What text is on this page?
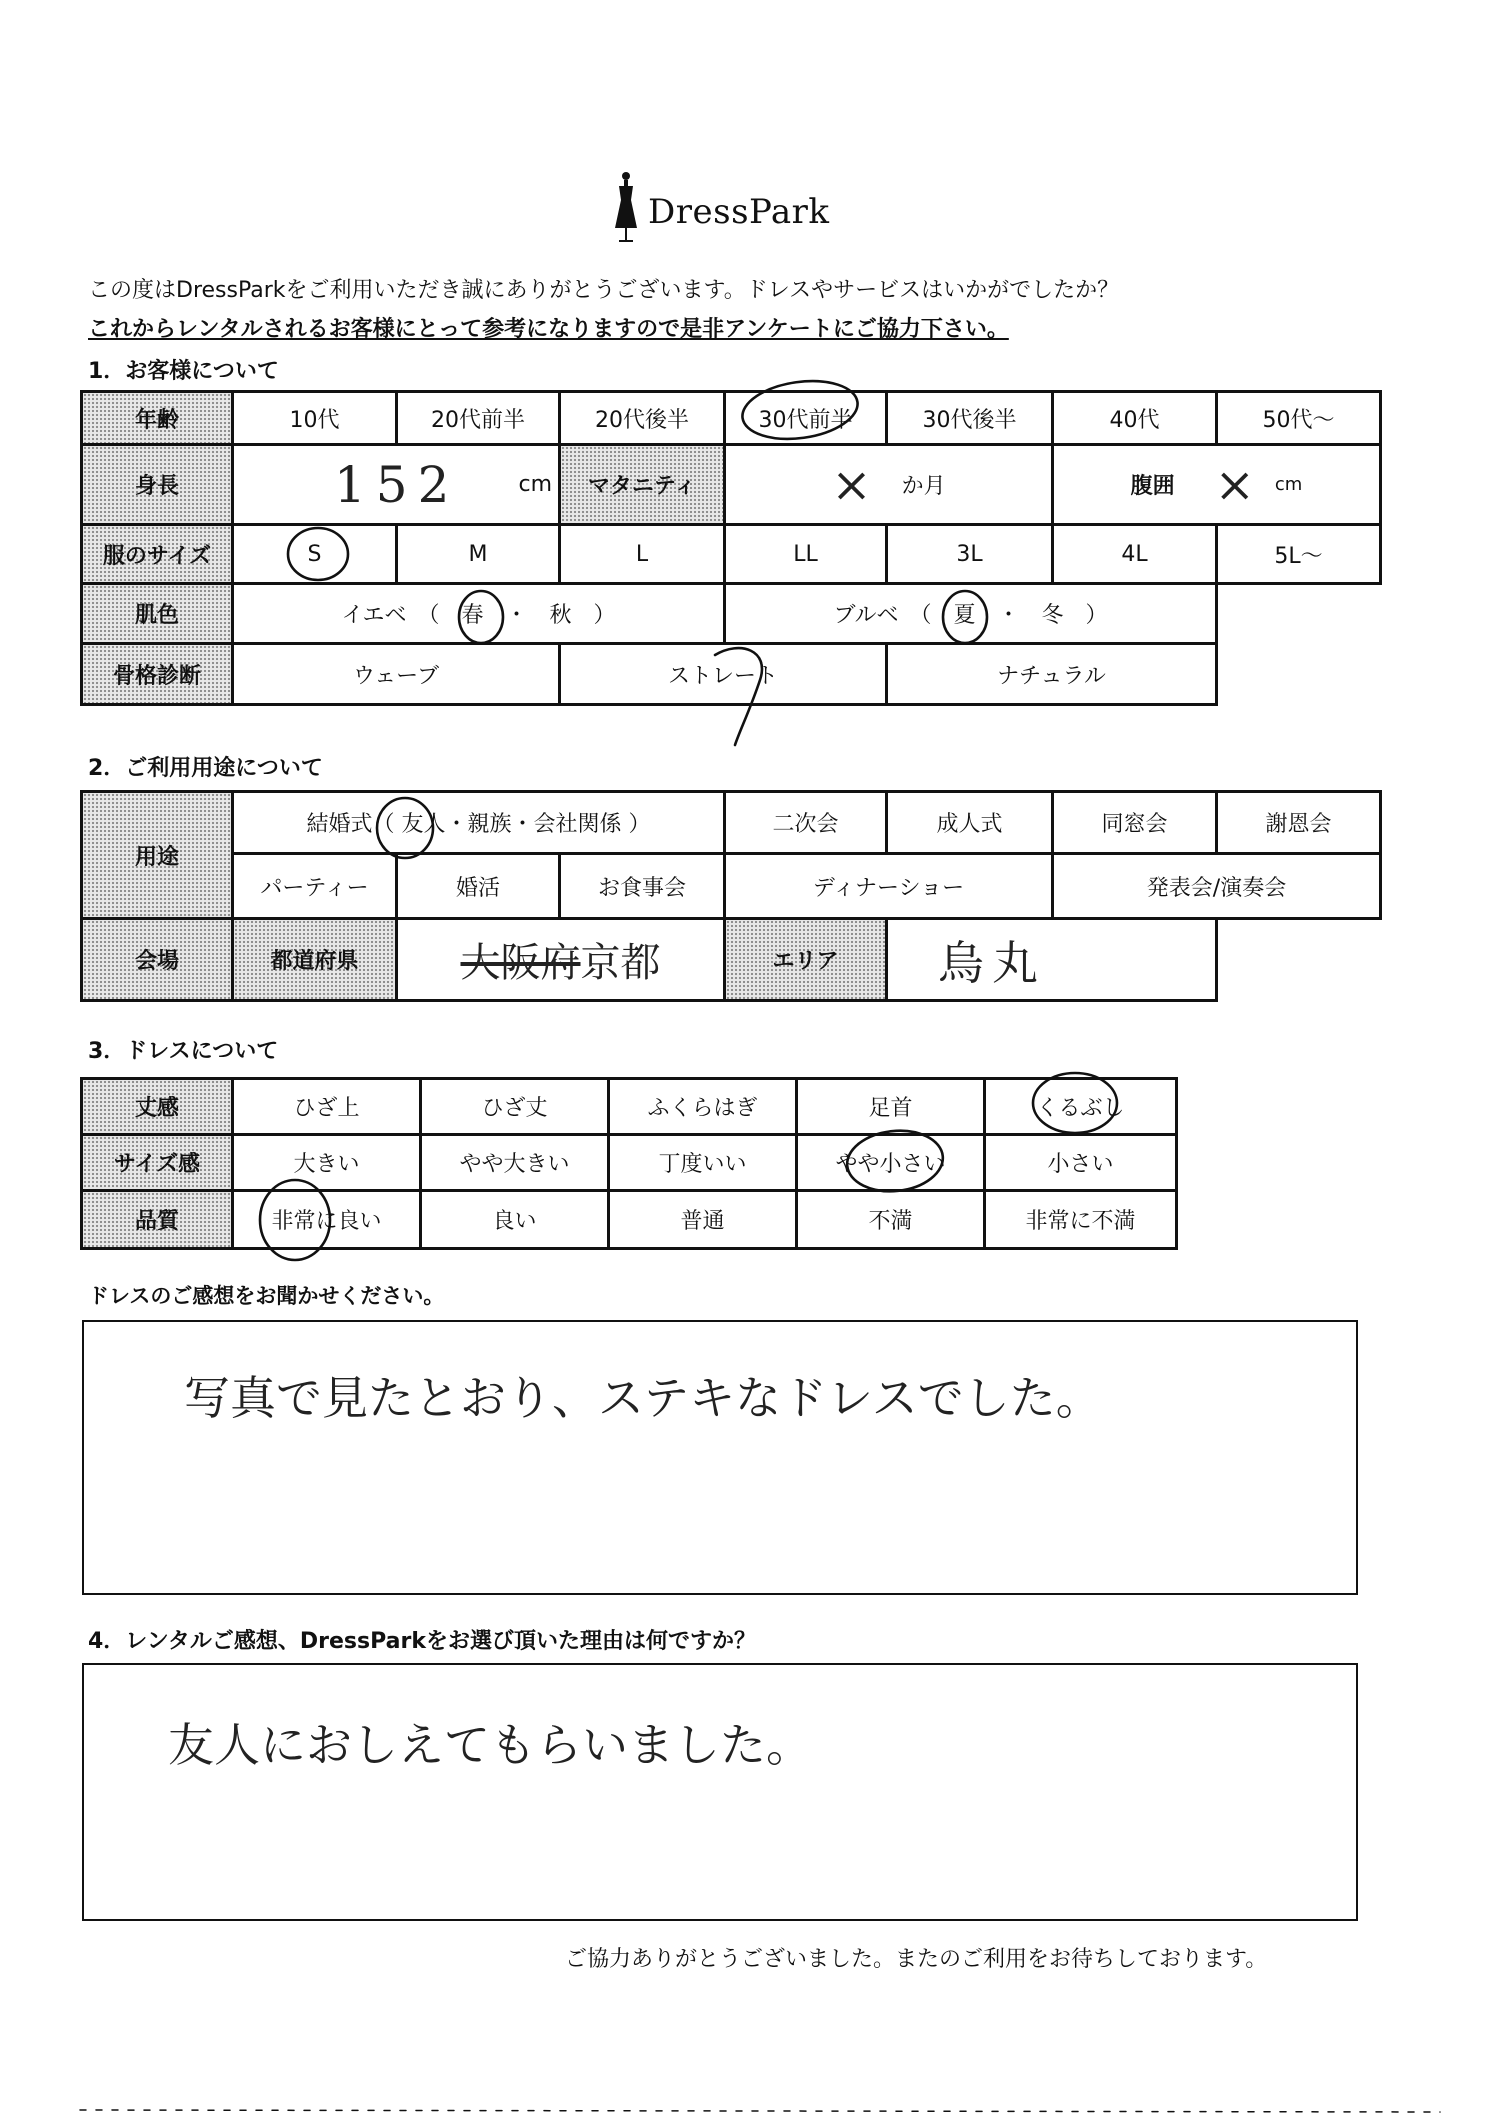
DressPark
この度はDressParkをご利用いただき誠にありがとうございます。ドレスやサービスはいかがでしたか？
これからレンタルされるお客様にとって参考になりますので是非アンケートにご協力下さい。
1．お客様について
年齢	10代	20代前半	20代後半	30代前半	30代後半	40代	50代〜
身長	152	cm	マタニティ	× か月	腹囲 × cm
服のサイズ	S	M	L	LL	3L	4L	5L〜
肌色	イエベ　（　春　・　秋　）	ブルベ　（　夏　・　冬　）
骨格診断	ウェーブ	ストレート	ナチュラル
2．ご利用用途について
用途
結婚式（ 友人・親族・会社関係 ）	二次会	成人式	同窓会	謝恩会
パーティー	婚活	お食事会	ディナーショー	発表会/演奏会
会場	都道府県	大阪府 京都	エリア	烏丸
3．ドレスについて
丈感	ひざ上	ひざ丈	ふくらはぎ	足首	くるぶし
サイズ感	大きい	やや大きい	丁度いい	やや小さい	小さい
品質	非常に良い	良い	普通	不満	非常に不満
ドレスのご感想をお聞かせください。
写真で見たとおり、ステキなドレスでした。
4．レンタルご感想、DressParkをお選び頂いた理由は何ですか？
友人におしえてもらいました。
ご協力ありがとうございました。またのご利用をお待ちしております。
